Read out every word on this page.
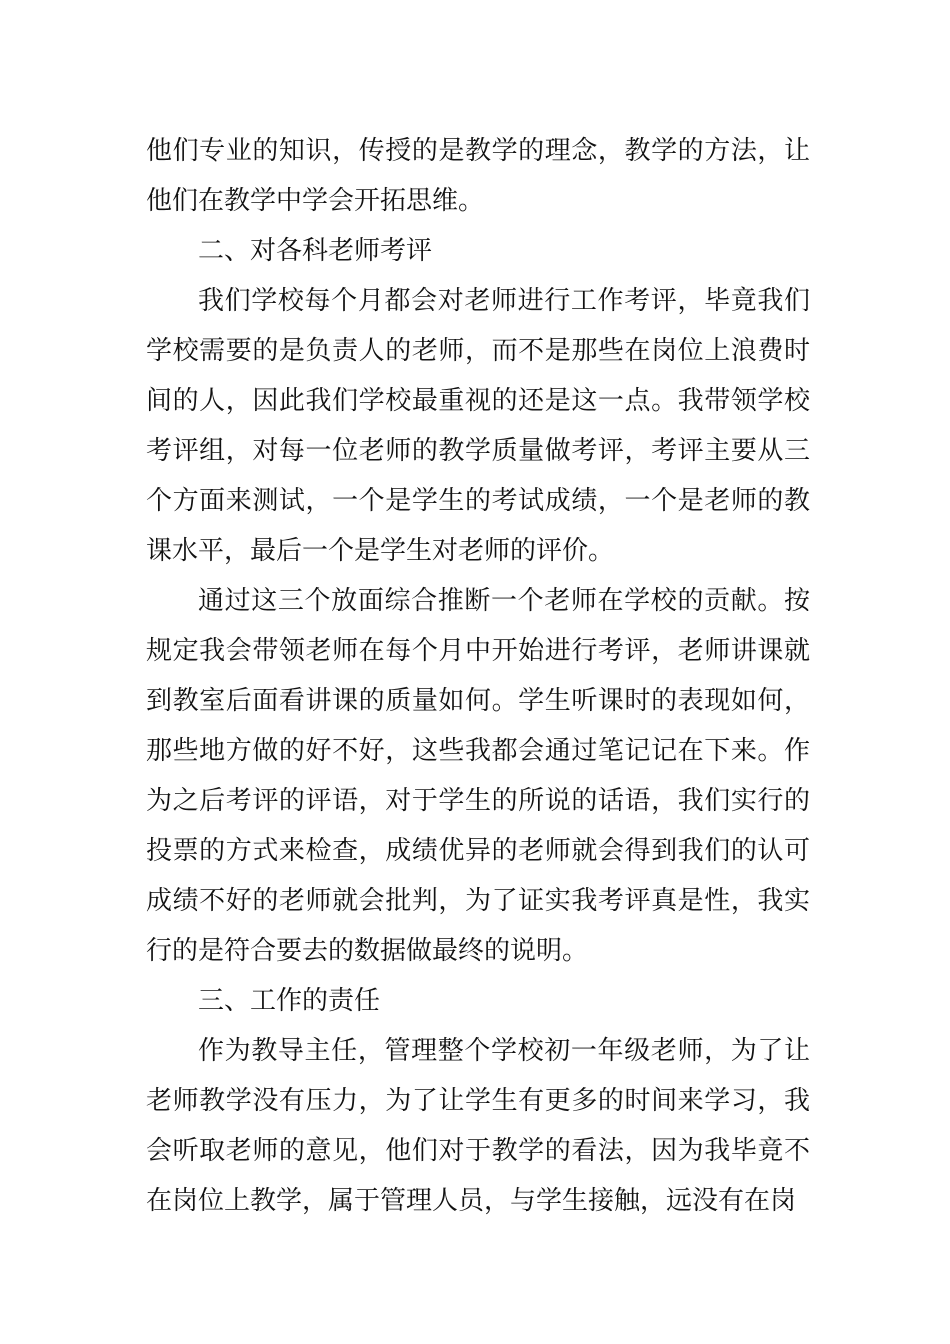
他们专业的知识，传授的是教学的理念，教学的方法，让他们在教学中学会开拓思维。

二、对各科老师考评

我们学校每个月都会对老师进行工作考评，毕竟我们学校需要的是负责人的老师，而不是那些在岗位上浪费时间的人，因此我们学校最重视的还是这一点。我带领学校考评组，对每一位老师的教学质量做考评，考评主要从三个方面来测试，一个是学生的考试成绩，一个是老师的教课水平，最后一个是学生对老师的评价。

通过这三个放面综合推断一个老师在学校的贡献。按规定我会带领老师在每个月中开始进行考评，老师讲课就到教室后面看讲课的质量如何。学生听课时的表现如何，那些地方做的好不好，这些我都会通过笔记记在下来。作为之后考评的评语，对于学生的所说的话语，我们实行的投票的方式来检查，成绩优异的老师就会得到我们的认可成绩不好的老师就会批判，为了证实我考评真是性，我实行的是符合要去的数据做最终的说明。

三、工作的责任

作为教导主任，管理整个学校初一年级老师，为了让老师教学没有压力，为了让学生有更多的时间来学习，我会听取老师的意见，他们对于教学的看法，因为我毕竟不在岗位上教学，属于管理人员，与学生接触，远没有在岗
